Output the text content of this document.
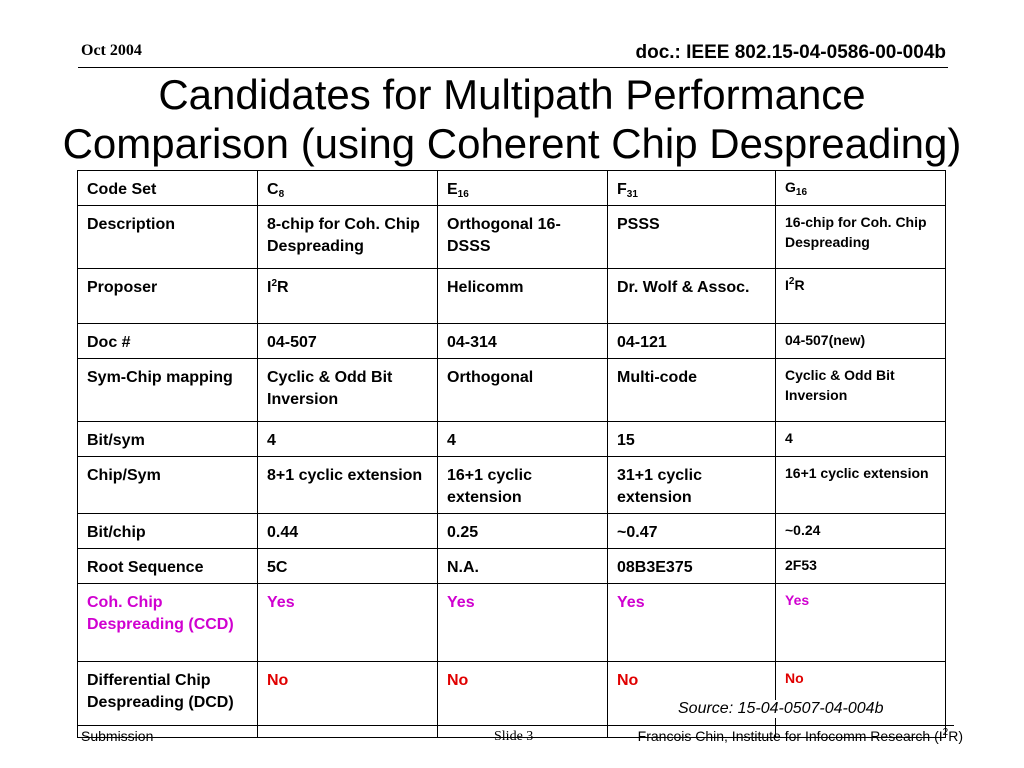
Oct 2004	doc.: IEEE 802.15-04-0586-00-004b
Candidates for Multipath Performance
Comparison (using Coherent Chip Despreading)
Code Set	$C_8$	$E_{16}$	$F_{31}$	$G_{16}$
Description	8-chip for Coh. Chip Despreading	Orthogonal 16-DSSS	PSSS	16-chip for Coh. Chip Despreading
Proposer	$I^2R$	Helicomm	Dr. Wolf & Assoc.	$I^2R$
Doc #	04-507	04-314	04-121	04-507(new)
Sym-Chip mapping	Cyclic & Odd Bit Inversion	Orthogonal	Multi-code	Cyclic & Odd Bit Inversion
Bit/sym	4	4	15	4
Chip/Sym	8+1 cyclic extension	16+1 cyclic extension	31+1 cyclic extension	16+1 cyclic extension
Bit/chip	0.44	0.25	~0.47	~0.24
Root Sequence	5C	N.A.	08B3E375	2F53
Coh. Chip Despreading (CCD)	Yes	Yes	Yes	Yes
Differential Chip Despreading (DCD)	No	No	No	No
Source: 15-04-0507-04-004b
Submission	Slide 3	Francois Chin, Institute for Infocomm Research $(I^2R)$
